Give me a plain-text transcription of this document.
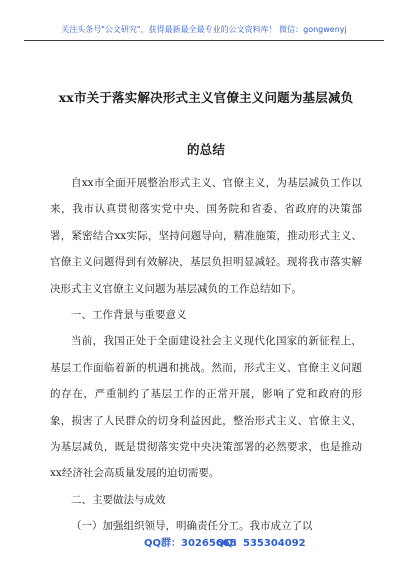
关注头条号"公文研究"，获得最新最全最专业的公文资料库！ 微信：gongwenyj
xx市关于落实解决形式主义官僚主义问题为基层减负的总结

自xx市全面开展整治形式主义、官僚主义，为基层减负工作以来，我市认真贯彻落实党中央、国务院和省委、省政府的决策部署，紧密结合xx实际，坚持问题导向，精准施策，推动形式主义、官僚主义问题得到有效解决，基层负担明显减轻。现将我市落实解决形式主义官僚主义问题为基层减负的工作总结如下。

一、工作背景与重要意义

当前，我国正处于全面建设社会主义现代化国家的新征程上，基层工作面临着新的机遇和挑战。然而，形式主义、官僚主义问题的存在，严重制约了基层工作的正常开展，影响了党和政府的形象，损害了人民群众的切身利益因此，整治形式主义、官僚主义，为基层减负，既是贯彻落实党中央决策部署的必然要求，也是推动xx经济社会高质量发展的迫切需要。

二、主要做法与成效

（一）加强组织领导，明确责任分工。我市成立了以

QQ群：30265665
QQ：535304092
